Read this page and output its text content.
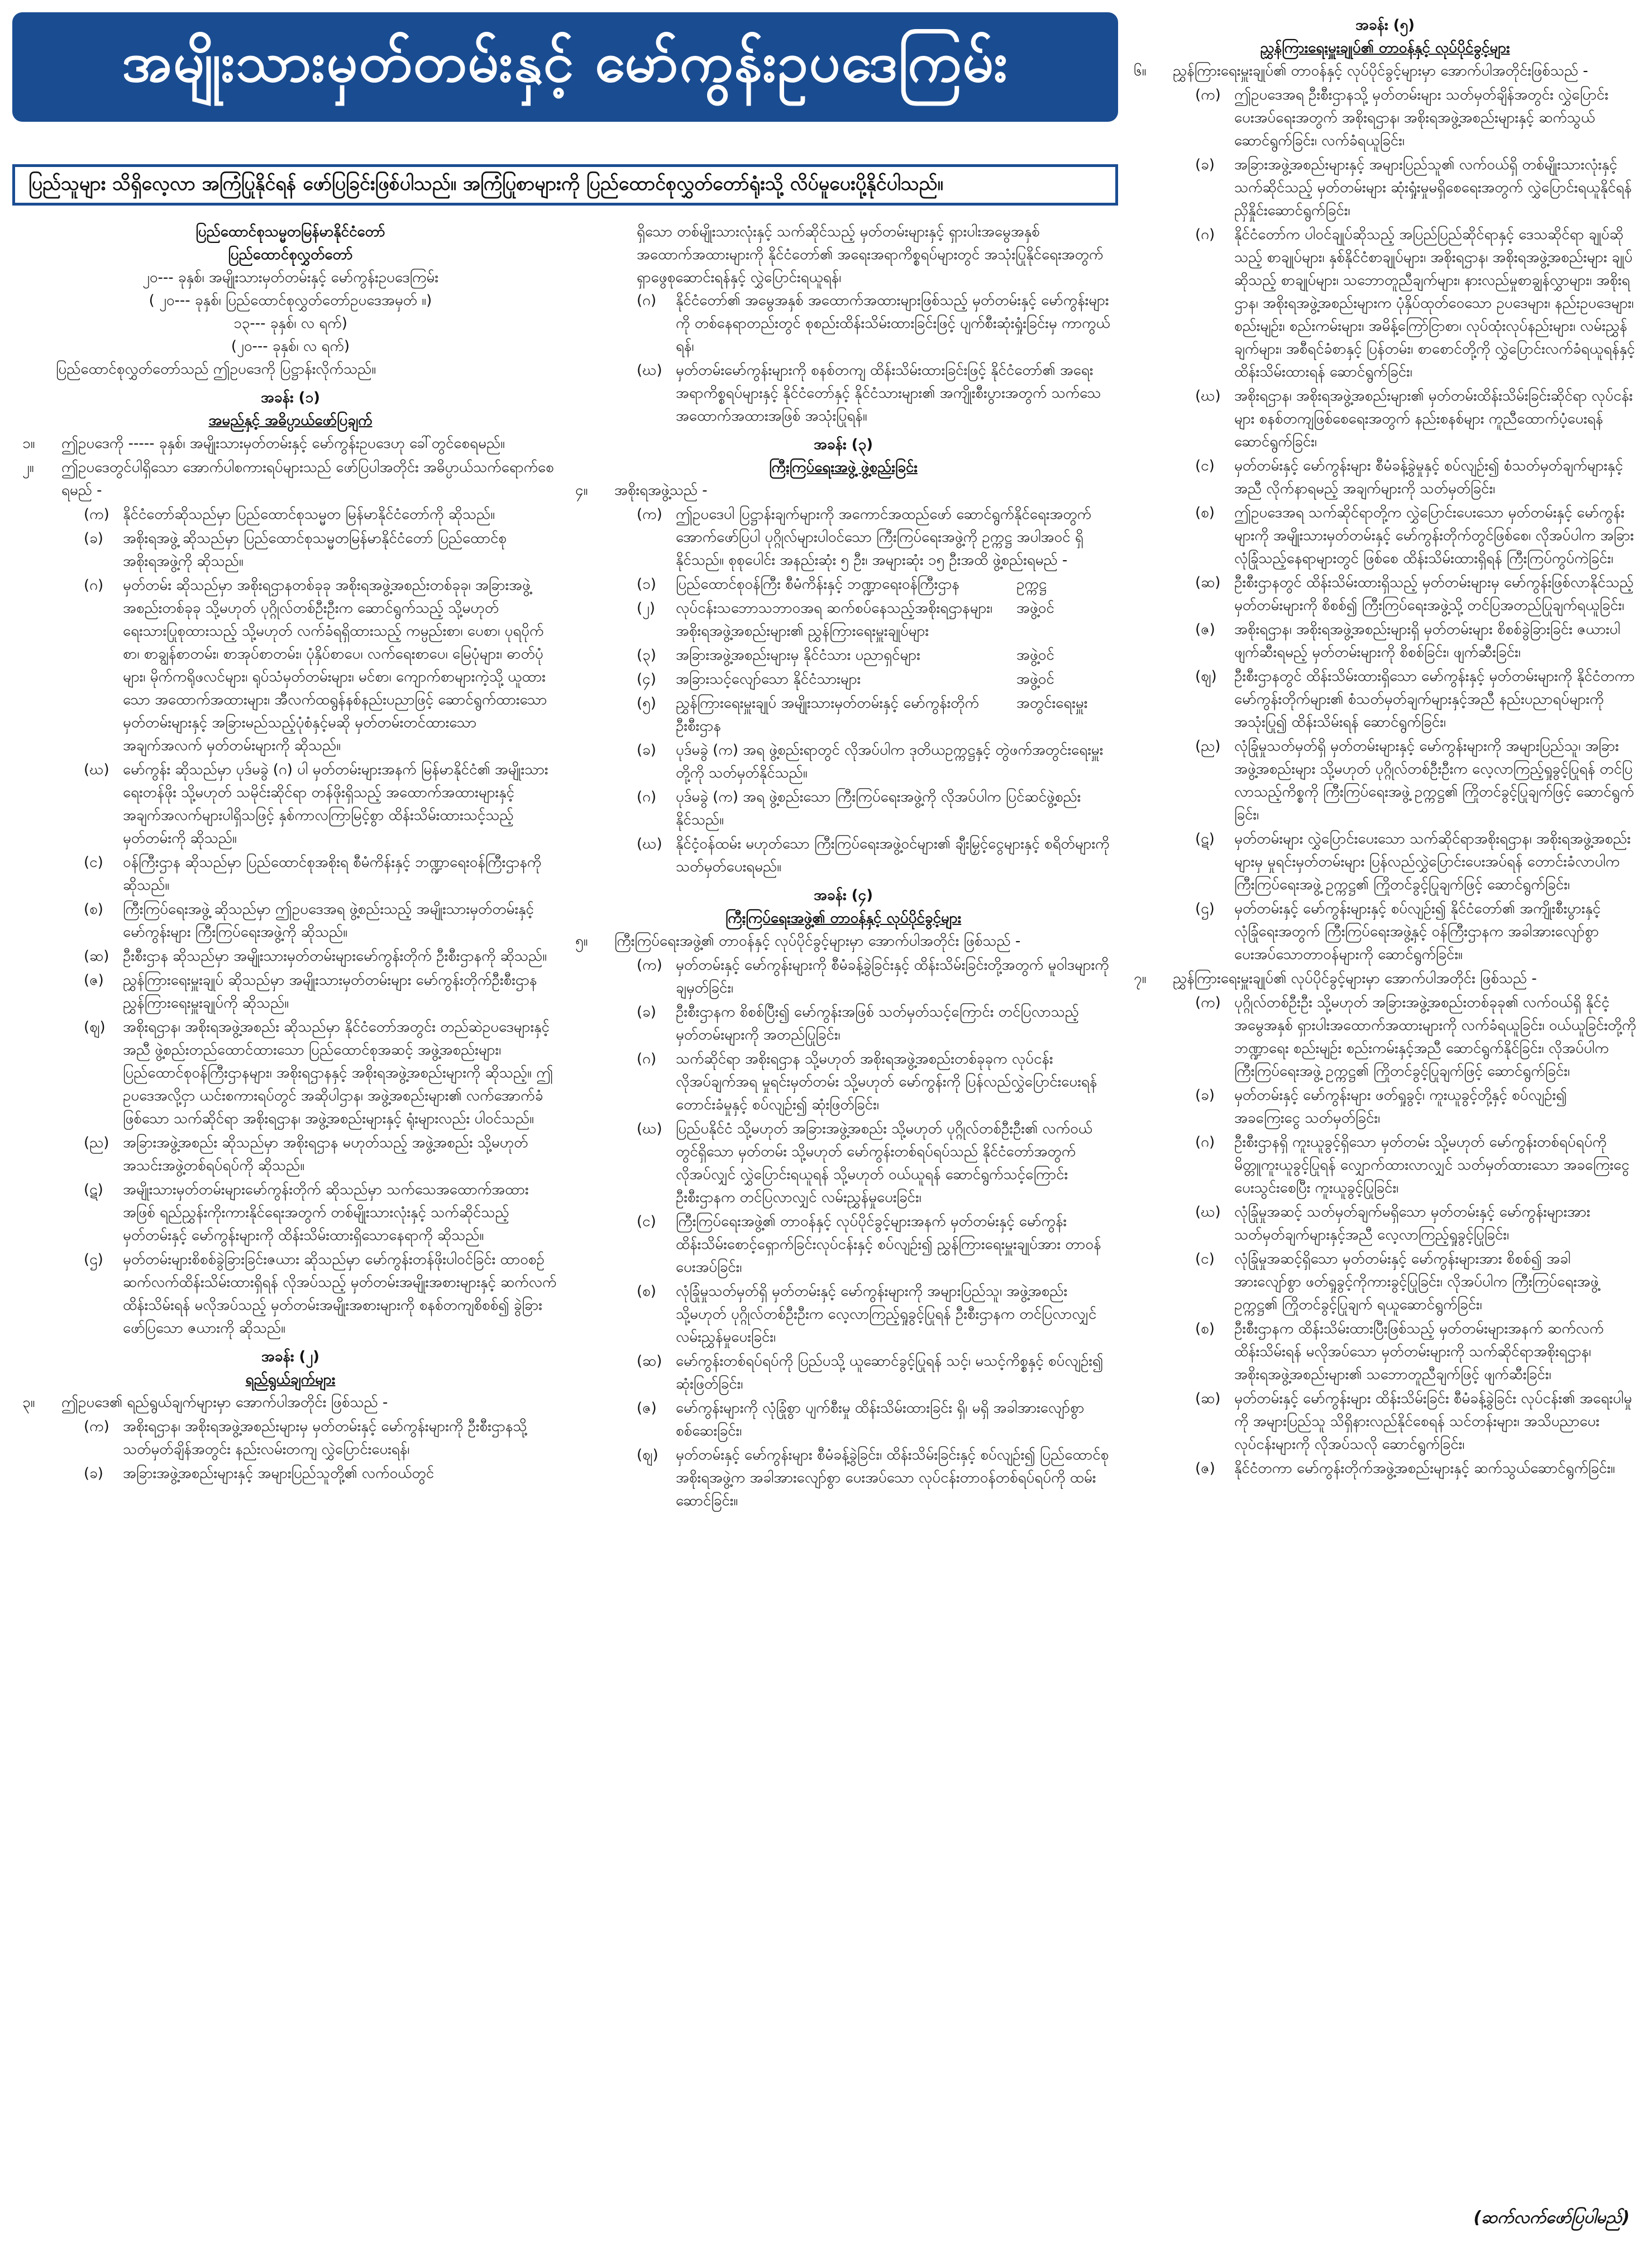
အမျိုးသားမှတ်တမ်းနှင့် မော်ကွန်းဥပဒေကြမ်း
ပြည်သူများ သိရှိလေ့လာ အကြံပြုနိုင်ရန် ဖော်ပြခြင်းဖြစ်ပါသည်။ အကြံပြုစာများကို ပြည်ထောင်စုလွှတ်တော်ရုံးသို့ လိပ်မူပေးပို့နိုင်ပါသည်။
ပြည်ထောင်စုသမ္မတမြန်မာနိုင်ငံတော်
ပြည်ထောင်စုလွှတ်တော်
၂၀--- ခုနှစ်၊ အမျိုးသားမှတ်တမ်းနှင့် မော်ကွန်းဥပဒေကြမ်း
( ၂၀--- ခုနှစ်၊ ပြည်ထောင်စုလွှတ်တော်ဥပဒေအမှတ် ။)
၁၃--- ခုနှစ်၊ လ ရက်)
(၂၀--- ခုနှစ်၊ လ ရက်)
ပြည်ထောင်စုလွှတ်တော်သည် ဤဥပဒေကို ပြဋ္ဌာန်းလိုက်သည်။
အခန်း (၁)
အမည်နှင့် အဓိပ္ပာယ်ဖော်ပြချက်
၁။	ဤဥပဒေကို ----- ခုနှစ်၊ အမျိုးသားမှတ်တမ်းနှင့် မော်ကွန်းဥပဒေဟု ခေါ်တွင်စေရမည်။
၂။	ဤဥပဒေတွင်ပါရှိသော အောက်ပါစကားရပ်များသည် ဖော်ပြပါအတိုင်း အဓိပ္ပာယ်သက်ရောက်စေရမည် -
(က) နိုင်ငံတော်ဆိုသည်မှာ ပြည်ထောင်စုသမ္မတ မြန်မာနိုင်ငံတော်ကို ဆိုသည်။
(ခ)	အစိုးရအဖွဲ့ ဆိုသည်မှာ ပြည်ထောင်စုသမ္မတမြန်မာနိုင်ငံတော် ပြည်ထောင်စုအစိုးရအဖွဲ့ကို ဆိုသည်။
(ဂ)	မှတ်တမ်း ဆိုသည်မှာ အစိုးရဌာနတစ်ခုခု အစိုးရအဖွဲ့အစည်းတစ်ခုခု၊ အခြားအဖွဲ့အစည်းတစ်ခုခု သို့မဟုတ် ပုဂ္ဂိုလ်တစ်ဦးဦးက ဆောင်ရွက်သည့် သို့မဟုတ် ရေးသားပြုစုထားသည့် သို့မဟုတ် လက်ခံရရှိထားသည့် ကမ္ပည်းစာ၊ ပေစာ၊ ပုရပိုက်စာ၊ စာချွန်စာတမ်း၊ စာအုပ်စာတမ်း၊ ပုံနှိပ်စာပေ၊ လက်ရေးစာပေ၊ မြေပုံများ၊ ဓာတ်ပုံများ၊ မိုက်ကရိုဖလင်များ၊ ရုပ်သံမှတ်တမ်းများ၊ မင်စာ၊ ကျောက်စာများကဲ့သို့ ယူထားသော အထောက်အထားများ၊ အီလက်ထရွန်နစ်နည်းပညာဖြင့် ဆောင်ရွက်ထားသော မှတ်တမ်းများနှင့် အခြားမည်သည့်ပုံစံနှင့်မဆို မှတ်တမ်းတင်ထားသော အချက်အလက် မှတ်တမ်းများကို ဆိုသည်။
(ဃ) မော်ကွန်း ဆိုသည်မှာ ပုဒ်မခွဲ (ဂ) ပါ မှတ်တမ်းများအနက် မြန်မာနိုင်ငံ၏ အမျိုးသားရေးတန်ဖိုး သို့မဟုတ် သမိုင်းဆိုင်ရာ တန်ဖိုးရှိသည့် အထောက်အထားများနှင့် အချက်အလက်များပါရှိသဖြင့် နှစ်ကာလကြာမြင့်စွာ ထိန်းသိမ်းထားသင့်သည့် မှတ်တမ်းကို ဆိုသည်။
(င)	ဝန်ကြီးဌာန ဆိုသည်မှာ ပြည်ထောင်စုအစိုးရ စီမံကိန်းနှင့် ဘဏ္ဍာရေးဝန်ကြီးဌာနကို ဆိုသည်။
(စ)	ကြီးကြပ်ရေးအဖွဲ့ ဆိုသည်မှာ ဤဥပဒေအရ ဖွဲ့စည်းသည့် အမျိုးသားမှတ်တမ်းနှင့် မော်ကွန်းများ ကြီးကြပ်ရေးအဖွဲ့ကို ဆိုသည်။
(ဆ) ဦးစီးဌာန ဆိုသည်မှာ အမျိုးသားမှတ်တမ်းများမော်ကွန်းတိုက် ဦးစီးဌာနကို ဆိုသည်။
(ဇ)	ညွှန်ကြားရေးမှူးချုပ် ဆိုသည်မှာ အမျိုးသားမှတ်တမ်းများ မော်ကွန်းတိုက်ဦးစီးဌာန ညွှန်ကြားရေးမှူးချုပ်ကို ဆိုသည်။
(ဈ)	အစိုးရဌာန၊ အစိုးရအဖွဲ့အစည်း ဆိုသည်မှာ နိုင်ငံတော်အတွင်း တည်ဆဲဥပဒေများနှင့်အညီ ဖွဲ့စည်းတည်ထောင်ထားသော ပြည်ထောင်စုအဆင့် အဖွဲ့အစည်းများ၊ ပြည်ထောင်စုဝန်ကြီးဌာနများ၊ အစိုးရဌာနနှင့် အစိုးရအဖွဲ့အစည်းများကို ဆိုသည့်။ ဤဥပဒေအလို့ငှာ ယင်းစကားရပ်တွင် အဆိုပါဌာန၊ အဖွဲ့အစည်းများ၏ လက်အောက်ခံဖြစ်သော သက်ဆိုင်ရာ အစိုးရဌာန၊ အဖွဲ့အစည်းများနှင့် ရုံးများလည်း ပါဝင်သည်။
(ည) အခြားအဖွဲ့အစည်း ဆိုသည်မှာ အစိုးရဌာန မဟုတ်သည့် အဖွဲ့အစည်း သို့မဟုတ် အသင်းအဖွဲ့တစ်ရပ်ရပ်ကို ဆိုသည်။
(ဋ)	အမျိုးသားမှတ်တမ်းများမော်ကွန်းတိုက် ဆိုသည်မှာ သက်သေအထောက်အထားအဖြစ် ရည်ညွှန်းကိုးကားနိုင်ရေးအတွက် တစ်မျိုးသားလုံးနှင့် သက်ဆိုင်သည့် မှတ်တမ်းနှင့် မော်ကွန်းများကို ထိန်းသိမ်းထားရှိသောနေရာကို ဆိုသည်။
(ဌ)	မှတ်တမ်းများစိစစ်ခွဲခြားခြင်းဇယား ဆိုသည်မှာ မော်ကွန်းတန်ဖိုးပါဝင်ခြင်း ထာဝစဉ် ဆက်လက်ထိန်းသိမ်းထားရှိရန် လိုအပ်သည့် မှတ်တမ်းအမျိုးအစားများနှင့် ဆက်လက်ထိန်းသိမ်းရန် မလိုအပ်သည့် မှတ်တမ်းအမျိုးအစားများကို စနစ်တကျစိစစ်၍ ခွဲခြားဖော်ပြသော ဇယားကို ဆိုသည်။
အခန်း (၂)
ရည်ရွယ်ချက်များ
၃။	ဤဥပဒေ၏ ရည်ရွယ်ချက်များမှာ အောက်ပါအတိုင်း ဖြစ်သည် -
(က) အစိုးရဌာန၊ အစိုးရအဖွဲ့အစည်းများမှ မှတ်တမ်းနှင့် မော်ကွန်းများကို ဦးစီးဌာနသို့ သတ်မှတ်ချိန်အတွင်း နည်းလမ်းတကျ လွှဲပြောင်းပေးရန်၊
(ခ)	အခြားအဖွဲ့အစည်းများနှင့် အများပြည်သူတို့၏ လက်ဝယ်တွင်
ရှိသော တစ်မျိုးသားလုံးနှင့် သက်ဆိုင်သည့် မှတ်တမ်းများနှင့် ရှားပါးအမွေအနှစ် အထောက်အထားများကို နိုင်ငံတော်၏ အရေးအရာကိစ္စရပ်များတွင် အသုံးပြုနိုင်ရေးအတွက် ရှာဖွေစုဆောင်းရန်နှင့် လွှဲပြောင်းရယူရန်၊
(ဂ)	နိုင်ငံတော်၏ အမွေအနှစ် အထောက်အထားများဖြစ်သည့် မှတ်တမ်းနှင့် မော်ကွန်းများကို တစ်နေရာတည်းတွင် စုစည်းထိန်းသိမ်းထားခြင်းဖြင့် ပျက်စီးဆုံးရှုံးခြင်းမှ ကာကွယ်ရန်၊
(ဃ) မှတ်တမ်းမော်ကွန်းများကို စနစ်တကျ ထိန်းသိမ်းထားခြင်းဖြင့် နိုင်ငံတော်၏ အရေးအရာကိစ္စရပ်များနှင့် နိုင်ငံတော်နှင့် နိုင်ငံသားများ၏ အကျိုးစီးပွားအတွက် သက်သေအထောက်အထားအဖြစ် အသုံးပြုရန်။
အခန်း (၃)
ကြီးကြပ်ရေးအဖွဲ့ ဖွဲ့စည်းခြင်း
၄။	အစိုးရအဖွဲ့သည် -
(က) ဤဥပဒေပါ ပြဋ္ဌာန်းချက်များကို အကောင်အထည်ဖော် ဆောင်ရွက်နိုင်ရေးအတွက် အောက်ဖော်ပြပါ ပုဂ္ဂိုလ်များပါဝင်သော ကြီးကြပ်ရေးအဖွဲ့ကို ဥက္ကဋ္ဌ အပါအဝင် ရှိနိုင်သည်။ စုစုပေါင်း အနည်းဆုံး ၅ ဦး၊ အများဆုံး ၁၅ ဦးအထိ ဖွဲ့စည်းရမည် -
(၁)	ပြည်ထောင်စုဝန်ကြီး စီမံကိန်းနှင့် ဘဏ္ဍာရေးဝန်ကြီးဌာန	ဥက္ကဋ္ဌ
(၂)	လုပ်ငန်းသဘောသဘာဝအရ ဆက်စပ်နေသည့်အစိုးရဌာနများ၊ အစိုးရအဖွဲ့အစည်းများ၏ ညွှန်ကြားရေးမှူးချုပ်များ
အဖွဲ့ဝင်
(၃)	အခြားအဖွဲ့အစည်းများမှ နိုင်ငံသား ပညာရှင်များ	အဖွဲ့ဝင်
(၄)	အခြားသင့်လျော်သော နိုင်ငံသားများ	အဖွဲ့ဝင်
(၅)	ညွှန်ကြားရေးမှူးချုပ် အမျိုးသားမှတ်တမ်းနှင့် မော်ကွန်းတိုက်ဦးစီးဌာန
အတွင်းရေးမှူး
(ခ)	ပုဒ်မခွဲ (က) အရ ဖွဲ့စည်းရာတွင် လိုအပ်ပါက ဒုတိယဥက္ကဋ္ဌနှင့် တွဲဖက်အတွင်းရေးမှူးတို့ကို သတ်မှတ်နိုင်သည်။
(ဂ)	ပုဒ်မခွဲ (က) အရ ဖွဲ့စည်းသော ကြီးကြပ်ရေးအဖွဲ့ကို လိုအပ်ပါက ပြင်ဆင်ဖွဲ့စည်းနိုင်သည်။
(ဃ) နိုင်ငံ့ဝန်ထမ်း မဟုတ်သော ကြီးကြပ်ရေးအဖွဲ့ဝင်များ၏ ချီးမြှင့်ငွေများနှင့် စရိတ်များကို သတ်မှတ်ပေးရမည်။
အခန်း (၄)
ကြီးကြပ်ရေးအဖွဲ့၏ တာဝန်နှင့် လုပ်ပိုင်ခွင့်များ
၅။	ကြီးကြပ်ရေးအဖွဲ့၏ တာဝန်နှင့် လုပ်ပိုင်ခွင့်များမှာ အောက်ပါအတိုင်း ဖြစ်သည် -
(က) မှတ်တမ်းနှင့် မော်ကွန်းများကို စီမံခန့်ခွဲခြင်းနှင့် ထိန်းသိမ်းခြင်းတို့အတွက် မူဝါဒများကို ချမှတ်ခြင်း၊
(ခ)	ဦးစီးဌာနက စိစစ်ပြီး၍ မော်ကွန်းအဖြစ် သတ်မှတ်သင့်ကြောင်း တင်ပြလာသည့် မှတ်တမ်းများကို အတည်ပြုခြင်း၊
(ဂ)	သက်ဆိုင်ရာ အစိုးရဌာန သို့မဟုတ် အစိုးရအဖွဲ့အစည်းတစ်ခုခုက လုပ်ငန်းလိုအပ်ချက်အရ မှုရင်းမှတ်တမ်း သို့မဟုတ် မော်ကွန်းကို ပြန်လည်လွှဲပြောင်းပေးရန် တောင်းခံမှုနှင့် စပ်လျဉ်း၍ ဆုံးဖြတ်ခြင်း၊
(ဃ) ပြည်ပနိုင်ငံ သို့မဟုတ် အခြားအဖွဲ့အစည်း သို့မဟုတ် ပုဂ္ဂိုလ်တစ်ဦးဦး၏ လက်ဝယ်တွင်ရှိသော မှတ်တမ်း သို့မဟုတ် မော်ကွန်းတစ်ရပ်ရပ်သည် နိုင်ငံတော်အတွက် လိုအပ်လျှင် လွှဲပြောင်းရယူရန် သို့မဟုတ် ဝယ်ယူရန် ဆောင်ရွက်သင့်ကြောင်း ဦးစီးဌာနက တင်ပြလာလျှင် လမ်းညွှန်မှုပေးခြင်း၊
(င)	ကြီးကြပ်ရေးအဖွဲ့၏ တာဝန်နှင့် လုပ်ပိုင်ခွင့်များအနက် မှတ်တမ်းနှင့် မော်ကွန်း ထိန်းသိမ်းစောင့်ရှောက်ခြင်းလုပ်ငန်းနှင့် စပ်လျဉ်း၍ ညွှန်ကြားရေးမှူးချုပ်အား တာဝန်ပေးအပ်ခြင်း၊
(စ)	လုံခြုံမှုသတ်မှတ်ရှိ မှတ်တမ်းနှင့် မော်ကွန်းများကို အများပြည်သူ၊ အဖွဲ့အစည်း သို့မဟုတ် ပုဂ္ဂိုလ်တစ်ဦးဦးက လေ့လာကြည့်ရှုခွင့်ပြုရန် ဦးစီးဌာနက တင်ပြလာလျှင် လမ်းညွှန်မှုပေးခြင်း၊
(ဆ) မော်ကွန်းတစ်ရပ်ရပ်ကို ပြည်ပသို့ ယူဆောင်ခွင့်ပြုရန် သင့်၊ မသင့်ကိစ္စနှင့် စပ်လျဉ်း၍ ဆုံးဖြတ်ခြင်း၊
(ဇ)	မော်ကွန်းများကို လုံခြုံစွာ ပျက်စီးမှု ထိန်းသိမ်းထားခြင်း ရှိ၊ မရှိ အခါအားလျော်စွာ စစ်ဆေးခြင်း၊
(ဈ)	မှတ်တမ်းနှင့် မော်ကွန်းများ စီမံခန့်ခွဲခြင်း၊ ထိန်းသိမ်းခြင်းနှင့် စပ်လျဉ်း၍ ပြည်ထောင်စုအစိုးရအဖွဲ့က အခါအားလျော်စွာ ပေးအပ်သော လုပ်ငန်းတာဝန်တစ်ရပ်ရပ်ကို ထမ်းဆောင်ခြင်း။
အခန်း (၅)
ညွှန်ကြားရေးမှူးချုပ်၏ တာဝန်နှင့် လုပ်ပိုင်ခွင့်များ
၆။	ညွှန်ကြားရေးမှူးချုပ်၏ တာဝန်နှင့် လုပ်ပိုင်ခွင့်များမှာ အောက်ပါအတိုင်းဖြစ်သည် -
(က) ဤဥပဒေအရ ဦးစီးဌာနသို့ မှတ်တမ်းများ သတ်မှတ်ချိန်အတွင်း လွှဲပြောင်းပေးအပ်ရေးအတွက် အစိုးရဌာန၊ အစိုးရအဖွဲ့အစည်းများနှင့် ဆက်သွယ်ဆောင်ရွက်ခြင်း၊ လက်ခံရယူခြင်း၊
(ခ)	အခြားအဖွဲ့အစည်းများနှင့် အများပြည်သူ၏ လက်ဝယ်ရှိ တစ်မျိုးသားလုံးနှင့် သက်ဆိုင်သည့် မှတ်တမ်းများ ဆုံးရှုံးမှုမရှိစေရေးအတွက် လွှဲပြောင်းရယူနိုင်ရန် ညှိနှိုင်းဆောင်ရွက်ခြင်း၊
(ဂ)	နိုင်ငံတော်က ပါဝင်ချုပ်ဆိုသည့် အပြည်ပြည်ဆိုင်ရာနှင့် ဒေသဆိုင်ရာ ချုပ်ဆိုသည့် စာချုပ်များ၊ နှစ်နိုင်ငံစာချုပ်များ၊ အစိုးရဌာန၊ အစိုးရအဖွဲ့အစည်းများ ချုပ်ဆိုသည့် စာချုပ်များ၊ သဘောတူညီချက်များ၊ နားလည်မှုစာချွန်လွှာများ၊ အစိုးရဌာန၊ အစိုးရအဖွဲ့အစည်းများက ပုံနှိပ်ထုတ်ဝေသော ဥပဒေများ၊ နည်းဥပဒေများ၊ စည်းမျဉ်း၊ စည်းကမ်းများ၊ အမိန့်ကြော်ငြာစာ၊ လုပ်ထုံးလုပ်နည်းများ၊ လမ်းညွှန်ချက်များ၊ အစီရင်ခံစာနှင့် ပြန်တမ်း၊ စာစောင်တို့ကို လွှဲပြောင်းလက်ခံရယူရန်နှင့် ထိန်းသိမ်းထားရန် ဆောင်ရွက်ခြင်း၊
(ဃ) အစိုးရဌာန၊ အစိုးရအဖွဲ့အစည်းများ၏ မှတ်တမ်းထိန်းသိမ်းခြင်းဆိုင်ရာ လုပ်ငန်းများ စနစ်တကျဖြစ်စေရေးအတွက် နည်းစနစ်များ ကူညီထောက်ပံ့ပေးရန် ဆောင်ရွက်ခြင်း၊
(င)	မှတ်တမ်းနှင့် မော်ကွန်းများ စီမံခန့်ခွဲမှုနှင့် စပ်လျဉ်း၍ စံသတ်မှတ်ချက်များနှင့်အညီ လိုက်နာရမည့် အချက်များကို သတ်မှတ်ခြင်း၊
(စ)	ဤဥပဒေအရ သက်ဆိုင်ရာတို့က လွှဲပြောင်းပေးသော မှတ်တမ်းနှင့် မော်ကွန်းများကို အမျိုးသားမှတ်တမ်းနှင့် မော်ကွန်းတိုက်တွင်ဖြစ်စေ၊ လိုအပ်ပါက အခြားလုံခြုံသည့်နေရာများတွင် ဖြစ်စေ ထိန်းသိမ်းထားရှိရန် ကြီးကြပ်ကွပ်ကဲခြင်း၊
(ဆ) ဦးစီးဌာနတွင် ထိန်းသိမ်းထားရှိသည့် မှတ်တမ်းများမှ မော်ကွန်းဖြစ်လာနိုင်သည့် မှတ်တမ်းများကို စိစစ်၍ ကြီးကြပ်ရေးအဖွဲ့သို့ တင်ပြအတည်ပြုချက်ရယူခြင်း၊
(ဇ)	အစိုးရဌာန၊ အစိုးရအဖွဲ့အစည်းများရှိ မှတ်တမ်းများ စိစစ်ခွဲခြားခြင်း ဇယားပါ ဖျက်ဆီးရမည့် မှတ်တမ်းများကို စိစစ်ခြင်း၊ ဖျက်ဆီးခြင်း၊
(ဈ)	ဦးစီးဌာနတွင် ထိန်းသိမ်းထားရှိသော မော်ကွန်းနှင့် မှတ်တမ်းများကို နိုင်ငံတကာမော်ကွန်းတိုက်များ၏ စံသတ်မှတ်ချက်များနှင့်အညီ နည်းပညာရပ်များကို အသုံးပြု၍ ထိန်းသိမ်းရန် ဆောင်ရွက်ခြင်း၊
(ည) လုံခြုံမှုသတ်မှတ်ရှိ မှတ်တမ်းများနှင့် မော်ကွန်းများကို အများပြည်သူ၊ အခြားအဖွဲ့အစည်းများ သို့မဟုတ် ပုဂ္ဂိုလ်တစ်ဦးဦးက လေ့လာကြည့်ရှုခွင့်ပြုရန် တင်ပြလာသည့်ကိစ္စကို ကြီးကြပ်ရေးအဖွဲ့ ဥက္ကဋ္ဌ၏ ကြိုတင်ခွင့်ပြုချက်ဖြင့် ဆောင်ရွက်ခြင်း၊
(ဋ)	မှတ်တမ်းများ လွှဲပြောင်းပေးသော သက်ဆိုင်ရာအစိုးရဌာန၊ အစိုးရအဖွဲ့အစည်းများမှ မှုရင်းမှတ်တမ်းများ ပြန်လည်လွှဲပြောင်းပေးအပ်ရန် တောင်းခံလာပါက ကြီးကြပ်ရေးအဖွဲ့ ဥက္ကဋ္ဌ၏ ကြိုတင်ခွင့်ပြုချက်ဖြင့် ဆောင်ရွက်ခြင်း၊
(ဌ)	မှတ်တမ်းနှင့် မော်ကွန်းများနှင့် စပ်လျဉ်း၍ နိုင်ငံတော်၏ အကျိုးစီးပွားနှင့် လုံခြုံရေးအတွက် ကြီးကြပ်ရေးအဖွဲ့နှင့် ဝန်ကြီးဌာနက အခါအားလျော်စွာ ပေးအပ်သောတာဝန်များကို ဆောင်ရွက်ခြင်း။
၇။	ညွှန်ကြားရေးမှူးချုပ်၏ လုပ်ပိုင်ခွင့်များမှာ အောက်ပါအတိုင်း ဖြစ်သည် -
(က) ပုဂ္ဂိုလ်တစ်ဦးဦး သို့မဟုတ် အခြားအဖွဲ့အစည်းတစ်ခုခု၏ လက်ဝယ်ရှိ နိုင်ငံ့အမွေအနှစ် ရှားပါးအထောက်အထားများကို လက်ခံရယူခြင်း၊ ဝယ်ယူခြင်းတို့ကို ဘဏ္ဍာရေး စည်းမျဉ်း စည်းကမ်းနှင့်အညီ ဆောင်ရွက်နိုင်ခြင်း၊ လိုအပ်ပါက ကြီးကြပ်ရေးအဖွဲ့ ဥက္ကဋ္ဌ၏ ကြိုတင်ခွင့်ပြုချက်ဖြင့် ဆောင်ရွက်ခြင်း၊
(ခ)	မှတ်တမ်းနှင့် မော်ကွန်းများ ဖတ်ရှုခွင့်၊ ကူးယူခွင့်တို့နှင့် စပ်လျဉ်း၍ အခကြေးငွေ သတ်မှတ်ခြင်း၊
(ဂ)	ဦးစီးဌာနရှိ ကူးယူခွင့်ရှိသော မှတ်တမ်း သို့မဟုတ် မော်ကွန်းတစ်ရပ်ရပ်ကို မိတ္တူကူးယူခွင့်ပြုရန် လျှောက်ထားလာလျှင် သတ်မှတ်ထားသော အခကြေးငွေ ပေးသွင်းစေပြီး ကူးယူခွင့်ပြုခြင်း၊
(ဃ) လုံခြုံမှုအဆင့် သတ်မှတ်ချက်မရှိသော မှတ်တမ်းနှင့် မော်ကွန်းများအား သတ်မှတ်ချက်များနှင့်အညီ လေ့လာကြည့်ရှုခွင့်ပြုခြင်း၊
(င)	လုံခြုံမှုအဆင့်ရှိသော မှတ်တမ်းနှင့် မော်ကွန်းများအား စိစစ်၍ အခါအားလျော်စွာ ဖတ်ရှုခွင့်ကိုကားခွင့်ပြုခြင်း၊ လိုအပ်ပါက ကြီးကြပ်ရေးအဖွဲ့ ဥက္ကဋ္ဌ၏ ကြိုတင်ခွင့်ပြုချက် ရယူဆောင်ရွက်ခြင်း၊
(စ)	ဦးစီးဌာနက ထိန်းသိမ်းထားပြီးဖြစ်သည့် မှတ်တမ်းများအနက် ဆက်လက်ထိန်းသိမ်းရန် မလိုအပ်သော မှတ်တမ်းများကို သက်ဆိုင်ရာအစိုးရဌာန၊ အစိုးရအဖွဲ့အစည်းများ၏ သဘောတူညီချက်ဖြင့် ဖျက်ဆီးခြင်း၊
(ဆ) မှတ်တမ်းနှင့် မော်ကွန်းများ ထိန်းသိမ်းခြင်း စီမံခန့်ခွဲခြင်း လုပ်ငန်း၏ အရေးပါမှုကို အများပြည်သူ သိရှိနားလည်နိုင်စေရန် သင်တန်းများ၊ အသိပညာပေးလုပ်ငန်းများကို လိုအပ်သလို ဆောင်ရွက်ခြင်း၊
(ဇ)	နိုင်ငံတကာ မော်ကွန်းတိုက်အဖွဲ့အစည်းများနှင့် ဆက်သွယ်ဆောင်ရွက်ခြင်း။
(ဆက်လက်ဖော်ပြပါမည်)
